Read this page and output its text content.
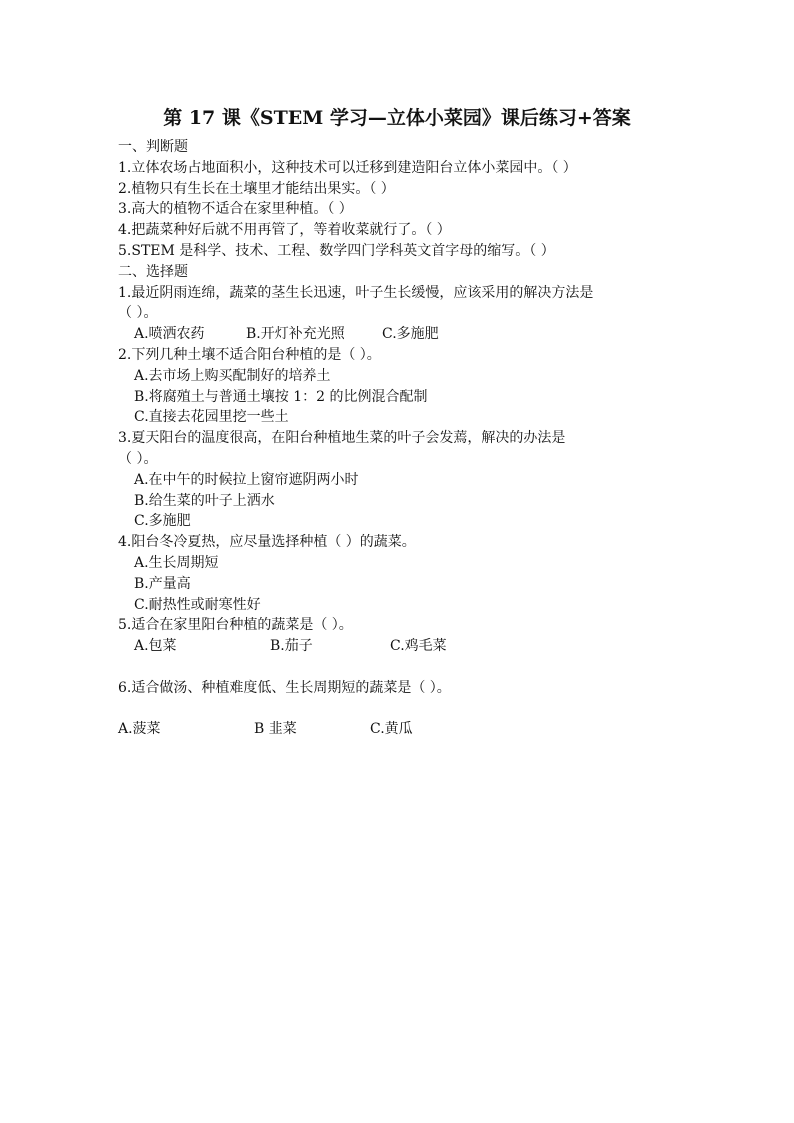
第 17 课《STEM 学习—立体小菜园》课后练习+答案
一、判断题
1.立体农场占地面积小，这种技术可以迁移到建造阳台立体小菜园中。（ ）
2.植物只有生长在土壤里才能结出果实。（ ）
3.高大的植物不适合在家里种植。（ ）
4.把蔬菜种好后就不用再管了，等着收菜就行了。（ ）
5.STEM 是科学、技术、工程、数学四门学科英文首字母的缩写。（ ）
二、选择题
1.最近阴雨连绵，蔬菜的茎生长迅速，叶子生长缓慢，应该采用的解决方法是
（ ）。
A.喷洒农药	B.开灯补充光照	C.多施肥
2.下列几种土壤不适合阳台种植的是（ ）。
A.去市场上购买配制好的培养土
B.将腐殖土与普通土壤按 1：2 的比例混合配制
C.直接去花园里挖一些土
3.夏天阳台的温度很高，在阳台种植地生菜的叶子会发蔫，解决的办法是
（ ）。
A.在中午的时候拉上窗帘遮阴两小时
B.给生菜的叶子上洒水
C.多施肥
4.阳台冬冷夏热，应尽量选择种植（ ）的蔬菜。
A.生长周期短
B.产量高
C.耐热性或耐寒性好
5.适合在家里阳台种植的蔬菜是（ ）。
A.包菜	B.茄子	C.鸡毛菜
6.适合做汤、种植难度低、生长周期短的蔬菜是（ ）。
A.菠菜	B 韭菜	C.黄瓜
